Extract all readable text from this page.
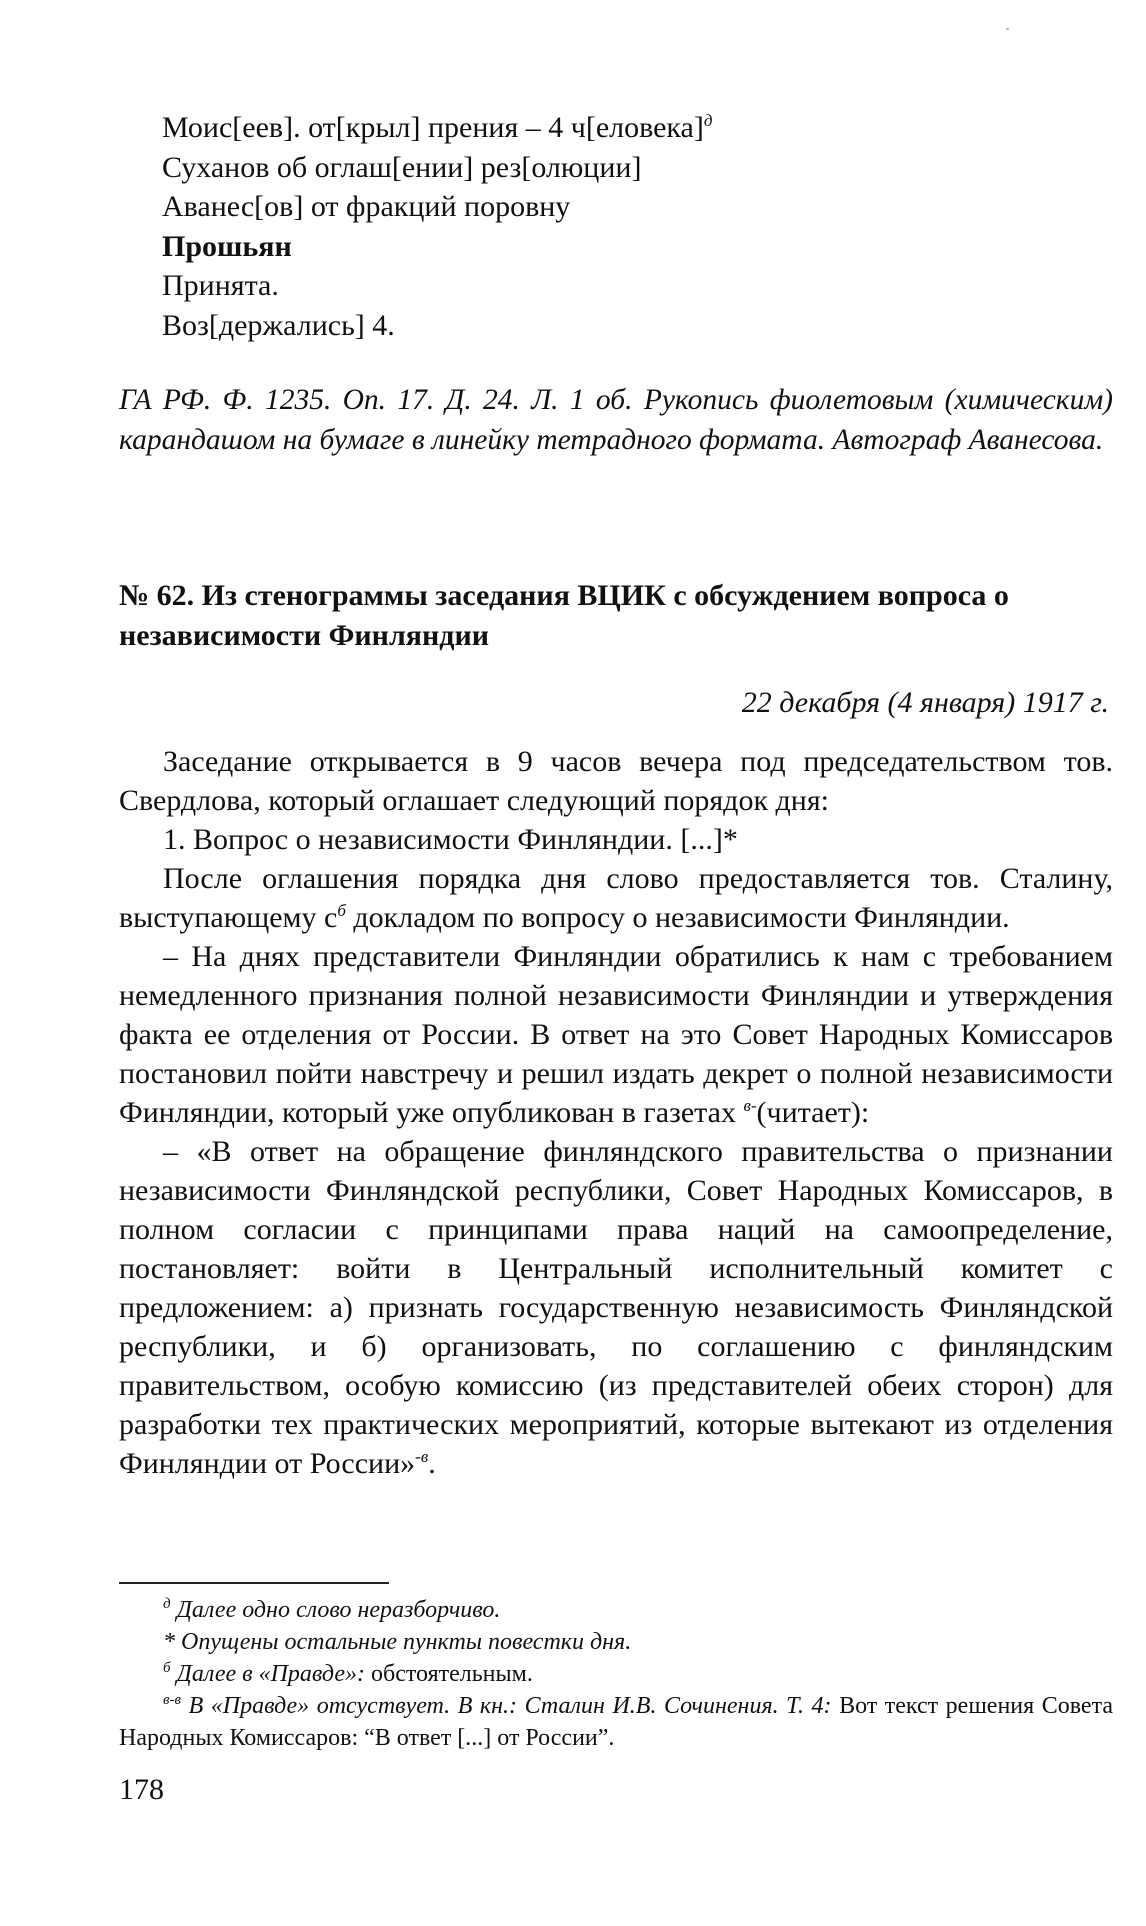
Моис[еев]. от[крыл] прения – 4 ч[еловека]$^д$
Суханов об оглаш[ении] рез[олюции]
Аванес[ов] от фракций поровну
Прошьян
Принята.
Воз[держались] 4.
ГА РФ. Ф. 1235. Оп. 17. Д. 24. Л. 1 об. Рукопись фиолетовым (химическим) карандашом на бумаге в линейку тетрадного формата. Автограф Аванесова.
№ 62. Из стенограммы заседания ВЦИК с обсуждением вопроса о независимости Финляндии
22 декабря (4 января) 1917 г.

Заседание открывается в 9 часов вечера под председательством тов. Свердлова, который оглашает следующий порядок дня:

1. Вопрос о независимости Финляндии. [...]*

После оглашения порядка дня слово предоставляется тов. Сталину, выступающему $с^б$ докладом по вопросу о независимости Финляндии.

– На днях представители Финляндии обратились к нам с требованием немедленного признания полной независимости Финляндии и утверждения факта ее отделения от России. В ответ на это Совет Народных Комиссаров постановил пойти навстречу и решил издать декрет о полной независимости Финляндии, который уже опубликован в газетах $^{в-}$(читает):

– «В ответ на обращение финляндского правительства о признании независимости Финляндской республики, Совет Народных Комиссаров, в полном согласии с принципами права наций на самоопределение, постановляет: войти в Центральный исполнительный комитет с предложением: а) признать государственную независимость Финляндской республики, и б) организовать, по соглашению с финляндским правительством, особую комиссию (из представителей обеих сторон) для разработки тех практических мероприятий, которые вытекают из отделения Финляндии от России»$^{-в}$.

$^д$ Далее одно слово неразборчиво.

* Опущены остальные пункты повестки дня.

$^б$ Далее в «Правде»: обстоятельным.

$^{в-в}$ В «Правде» отсуствует. В кн.: Сталин И.В. Сочинения. Т. 4: Вот текст решения Совета Народных Комиссаров: “В ответ [...] от России”.

178
